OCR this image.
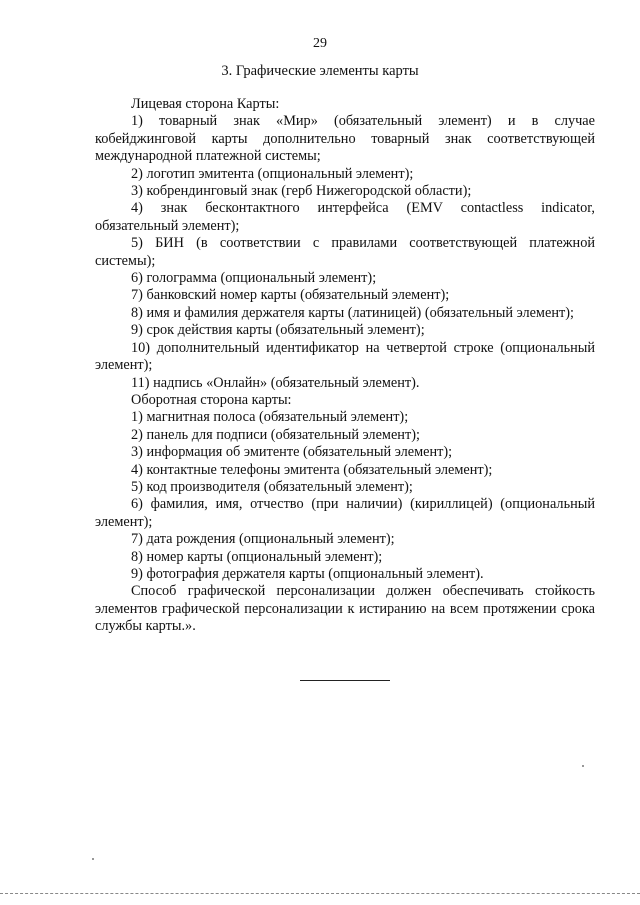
29
3. Графические элементы карты

Лицевая сторона Карты:

1) товарный знак «Мир» (обязательный элемент) и в случае кобейджинговой карты дополнительно товарный знак соответствующей международной платежной системы;

2) логотип эмитента (опциональный элемент);

3) кобрендинговый знак (герб Нижегородской области);

4) знак бесконтактного интерфейса (EMV contactless indicator, обязательный элемент);

5) БИН (в соответствии с правилами соответствующей платежной системы);

6) голограмма (опциональный элемент);

7) банковский номер карты (обязательный элемент);

8) имя и фамилия держателя карты (латиницей) (обязательный элемент);

9) срок действия карты (обязательный элемент);

10) дополнительный идентификатор на четвертой строке (опциональный элемент);

11) надпись «Онлайн» (обязательный элемент).

Оборотная сторона карты:

1) магнитная полоса (обязательный элемент);

2) панель для подписи (обязательный элемент);

3) информация об эмитенте (обязательный элемент);

4) контактные телефоны эмитента (обязательный элемент);

5) код производителя (обязательный элемент);

6) фамилия, имя, отчество (при наличии) (кириллицей) (опциональный элемент);

7) дата рождения (опциональный элемент);

8) номер карты (опциональный элемент);

9) фотография держателя карты (опциональный элемент).

Способ графической персонализации должен обеспечивать стойкость элементов графической персонализации к истиранию на всем протяжении срока службы карты.».
